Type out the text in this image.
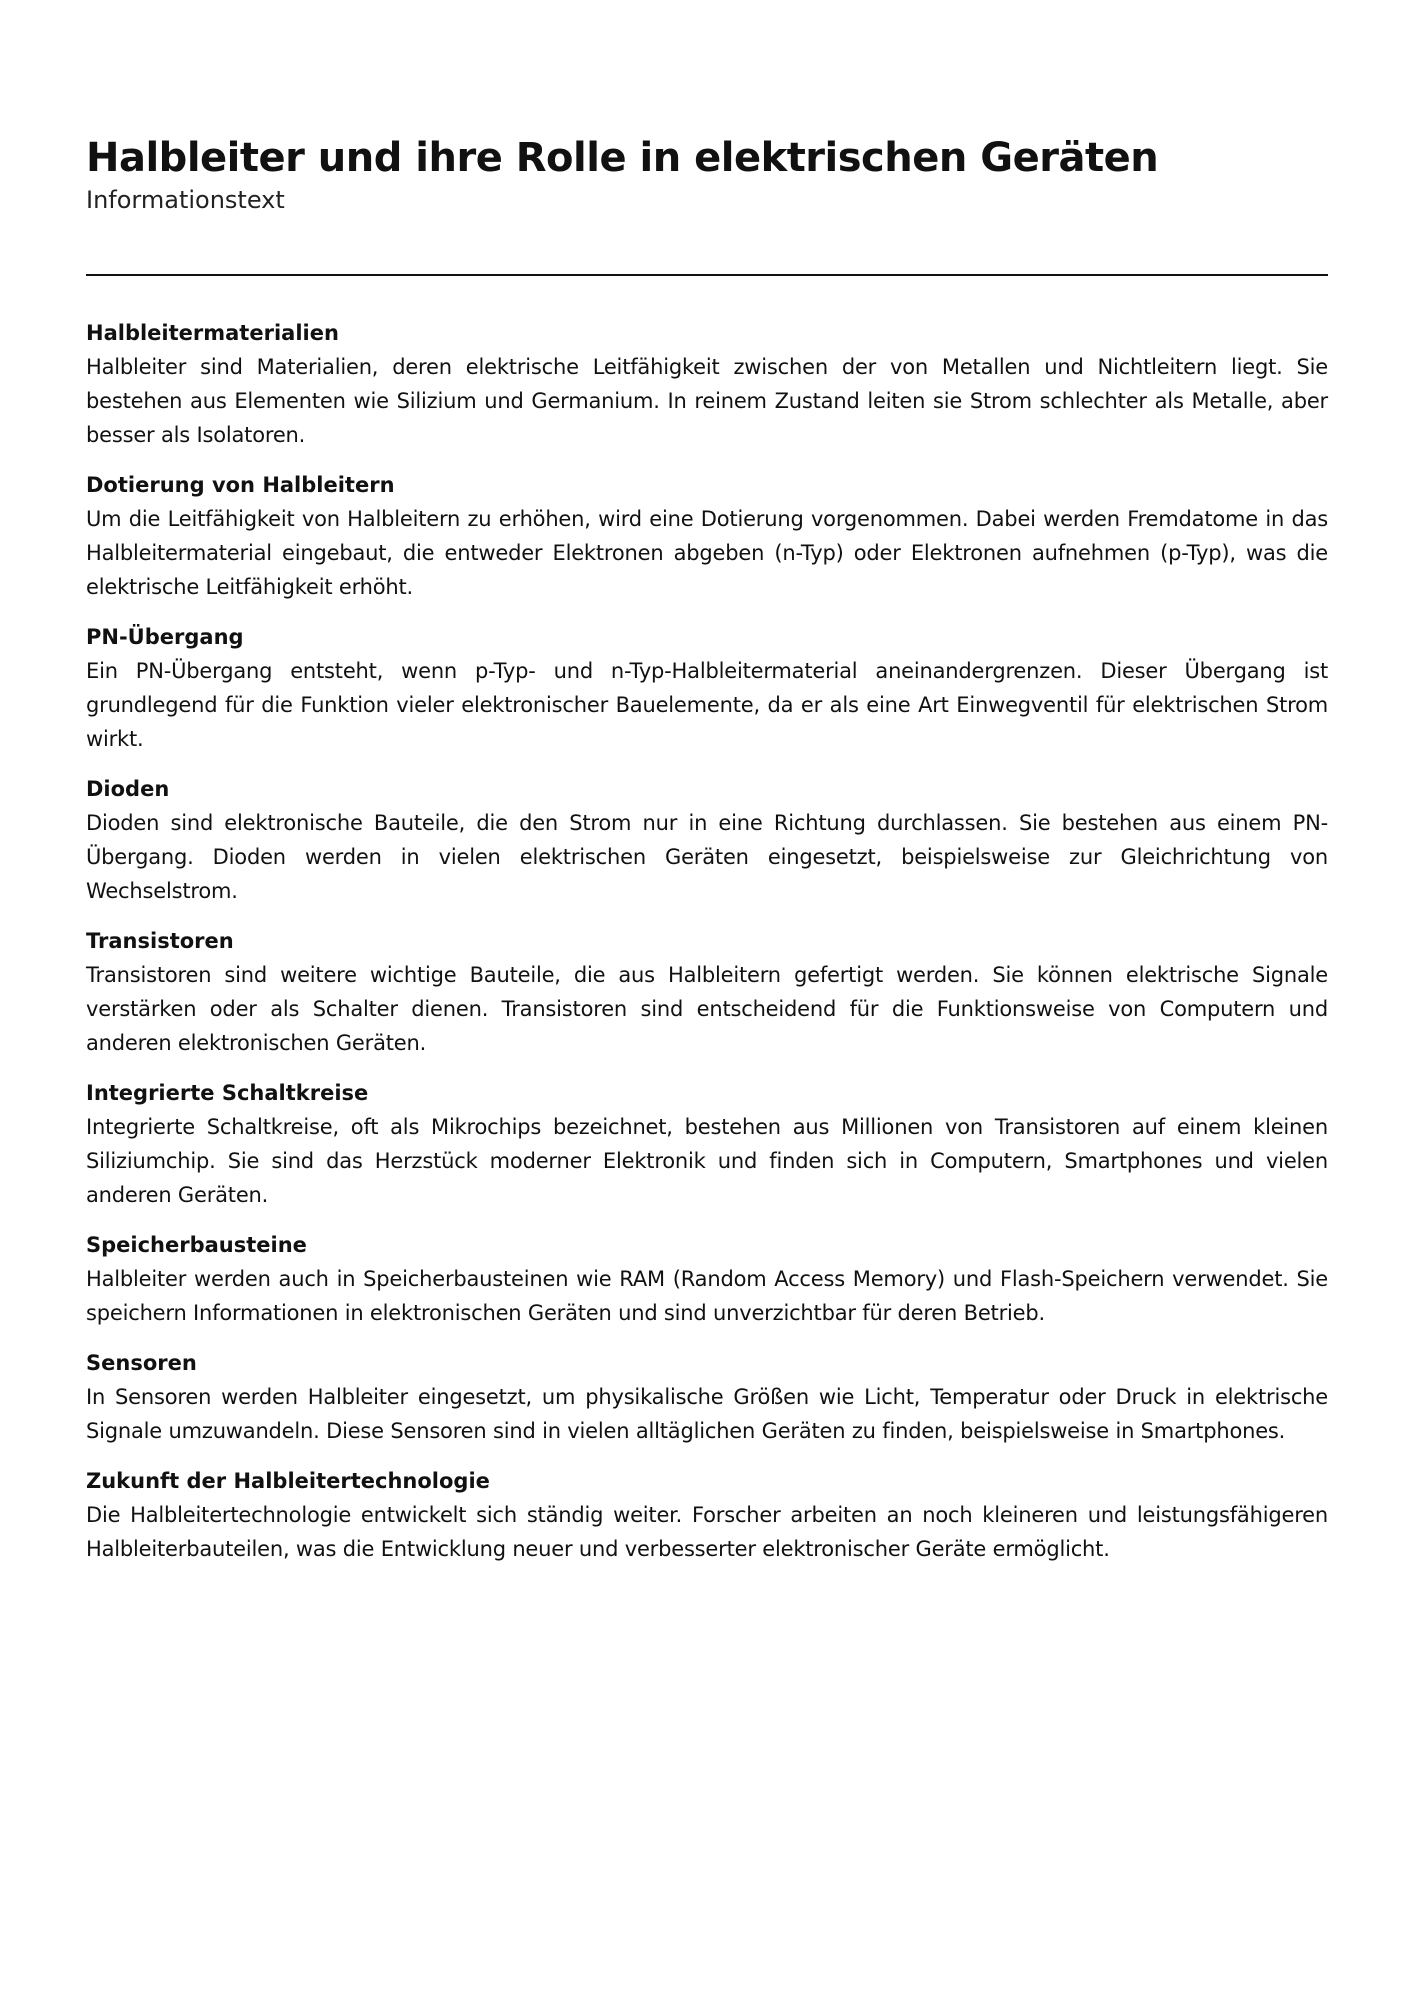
Halbleiter und ihre Rolle in elektrischen Geräten

Informationstext

Halbleitermaterialien

Halbleiter sind Materialien, deren elektrische Leitfähigkeit zwischen der von Metallen und Nichtleitern liegt. Sie bestehen aus Elementen wie Silizium und Germanium. In reinem Zustand leiten sie Strom schlechter als Metalle, aber besser als Isolatoren.

Dotierung von Halbleitern

Um die Leitfähigkeit von Halbleitern zu erhöhen, wird eine Dotierung vorgenommen. Dabei werden Fremdatome in das Halbleitermaterial eingebaut, die entweder Elektronen abgeben (n-Typ) oder Elektronen aufnehmen (p-Typ), was die elektrische Leitfähigkeit erhöht.

PN-Übergang

Ein PN-Übergang entsteht, wenn p-Typ- und n-Typ-Halbleitermaterial aneinandergrenzen. Dieser Übergang ist grundlegend für die Funktion vieler elektronischer Bauelemente, da er als eine Art Einwegventil für elektrischen Strom wirkt.

Dioden

Dioden sind elektronische Bauteile, die den Strom nur in eine Richtung durchlassen. Sie bestehen aus einem PN-Übergang. Dioden werden in vielen elektrischen Geräten eingesetzt, beispielsweise zur Gleichrichtung von Wechselstrom.

Transistoren

Transistoren sind weitere wichtige Bauteile, die aus Halbleitern gefertigt werden. Sie können elektrische Signale verstärken oder als Schalter dienen. Transistoren sind entscheidend für die Funktionsweise von Computern und anderen elektronischen Geräten.

Integrierte Schaltkreise

Integrierte Schaltkreise, oft als Mikrochips bezeichnet, bestehen aus Millionen von Transistoren auf einem kleinen Siliziumchip. Sie sind das Herzstück moderner Elektronik und finden sich in Computern, Smartphones und vielen anderen Geräten.

Speicherbausteine

Halbleiter werden auch in Speicherbausteinen wie RAM (Random Access Memory) und Flash-Speichern verwendet. Sie speichern Informationen in elektronischen Geräten und sind unverzichtbar für deren Betrieb.

Sensoren

In Sensoren werden Halbleiter eingesetzt, um physikalische Größen wie Licht, Temperatur oder Druck in elektrische Signale umzuwandeln. Diese Sensoren sind in vielen alltäglichen Geräten zu finden, beispielsweise in Smartphones.

Zukunft der Halbleitertechnologie

Die Halbleitertechnologie entwickelt sich ständig weiter. Forscher arbeiten an noch kleineren und leistungsfähigeren Halbleiterbauteilen, was die Entwicklung neuer und verbesserter elektronischer Geräte ermöglicht.
